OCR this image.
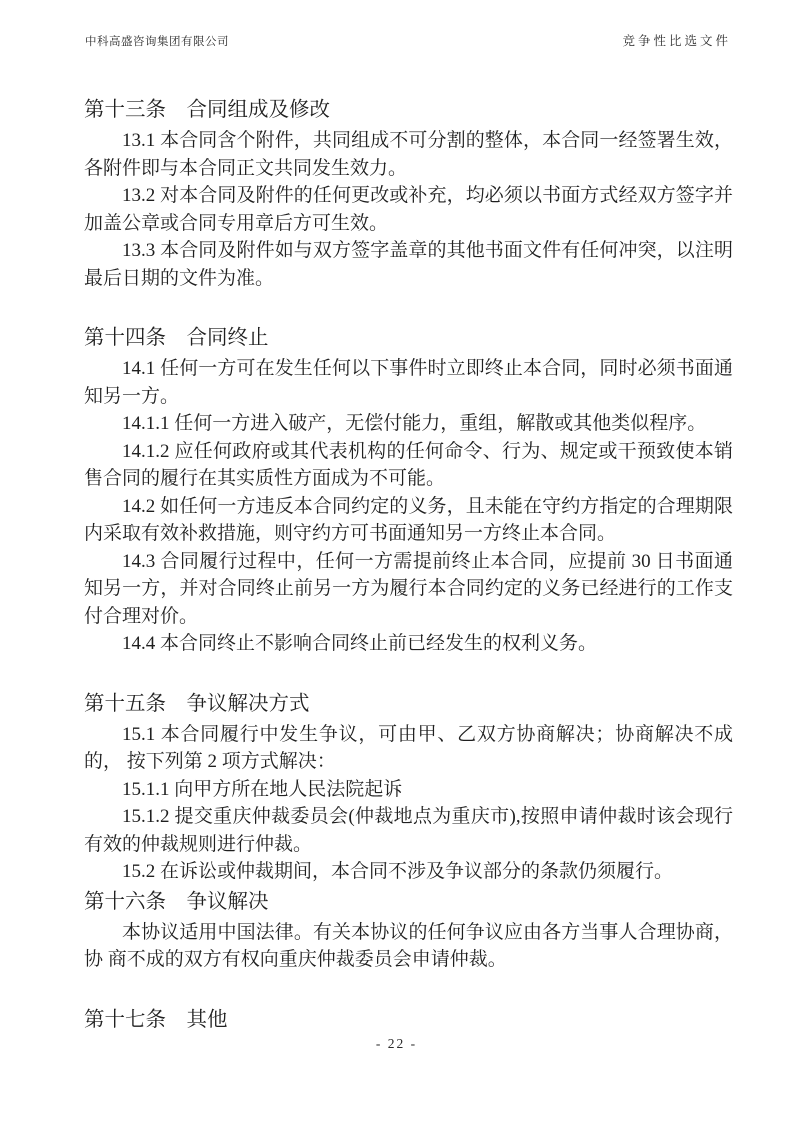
中科高盛咨询集团有限公司	竞争性比选文件
第十三条 合同组成及修改

13.1 本合同含个附件，共同组成不可分割的整体，本合同一经签署生效，各附件即与本合同正文共同发生效力。

13.2 对本合同及附件的任何更改或补充，均必须以书面方式经双方签字并加盖公章或合同专用章后方可生效。

13.3 本合同及附件如与双方签字盖章的其他书面文件有任何冲突，以注明最后日期的文件为准。

第十四条 合同终止

14.1 任何一方可在发生任何以下事件时立即终止本合同，同时必须书面通知另一方。

14.1.1 任何一方进入破产，无偿付能力，重组，解散或其他类似程序。

14.1.2 应任何政府或其代表机构的任何命令、行为、规定或干预致使本销售合同的履行在其实质性方面成为不可能。

14.2 如任何一方违反本合同约定的义务，且未能在守约方指定的合理期限内采取有效补救措施，则守约方可书面通知另一方终止本合同。

14.3 合同履行过程中，任何一方需提前终止本合同，应提前 30 日书面通知另一方，并对合同终止前另一方为履行本合同约定的义务已经进行的工作支付合理对价。

14.4 本合同终止不影响合同终止前已经发生的权利义务。

第十五条 争议解决方式

15.1 本合同履行中发生争议，可由甲、乙双方协商解决；协商解决不成的， 按下列第 2 项方式解决：

15.1.1 向甲方所在地人民法院起诉

15.1.2 提交重庆仲裁委员会(仲裁地点为重庆市),按照申请仲裁时该会现行有效的仲裁规则进行仲裁。

15.2 在诉讼或仲裁期间，本合同不涉及争议部分的条款仍须履行。

第十六条 争议解决

本协议适用中国法律。有关本协议的任何争议应由各方当事人合理协商，协 商不成的双方有权向重庆仲裁委员会申请仲裁。

第十七条 其他
- 22 -
